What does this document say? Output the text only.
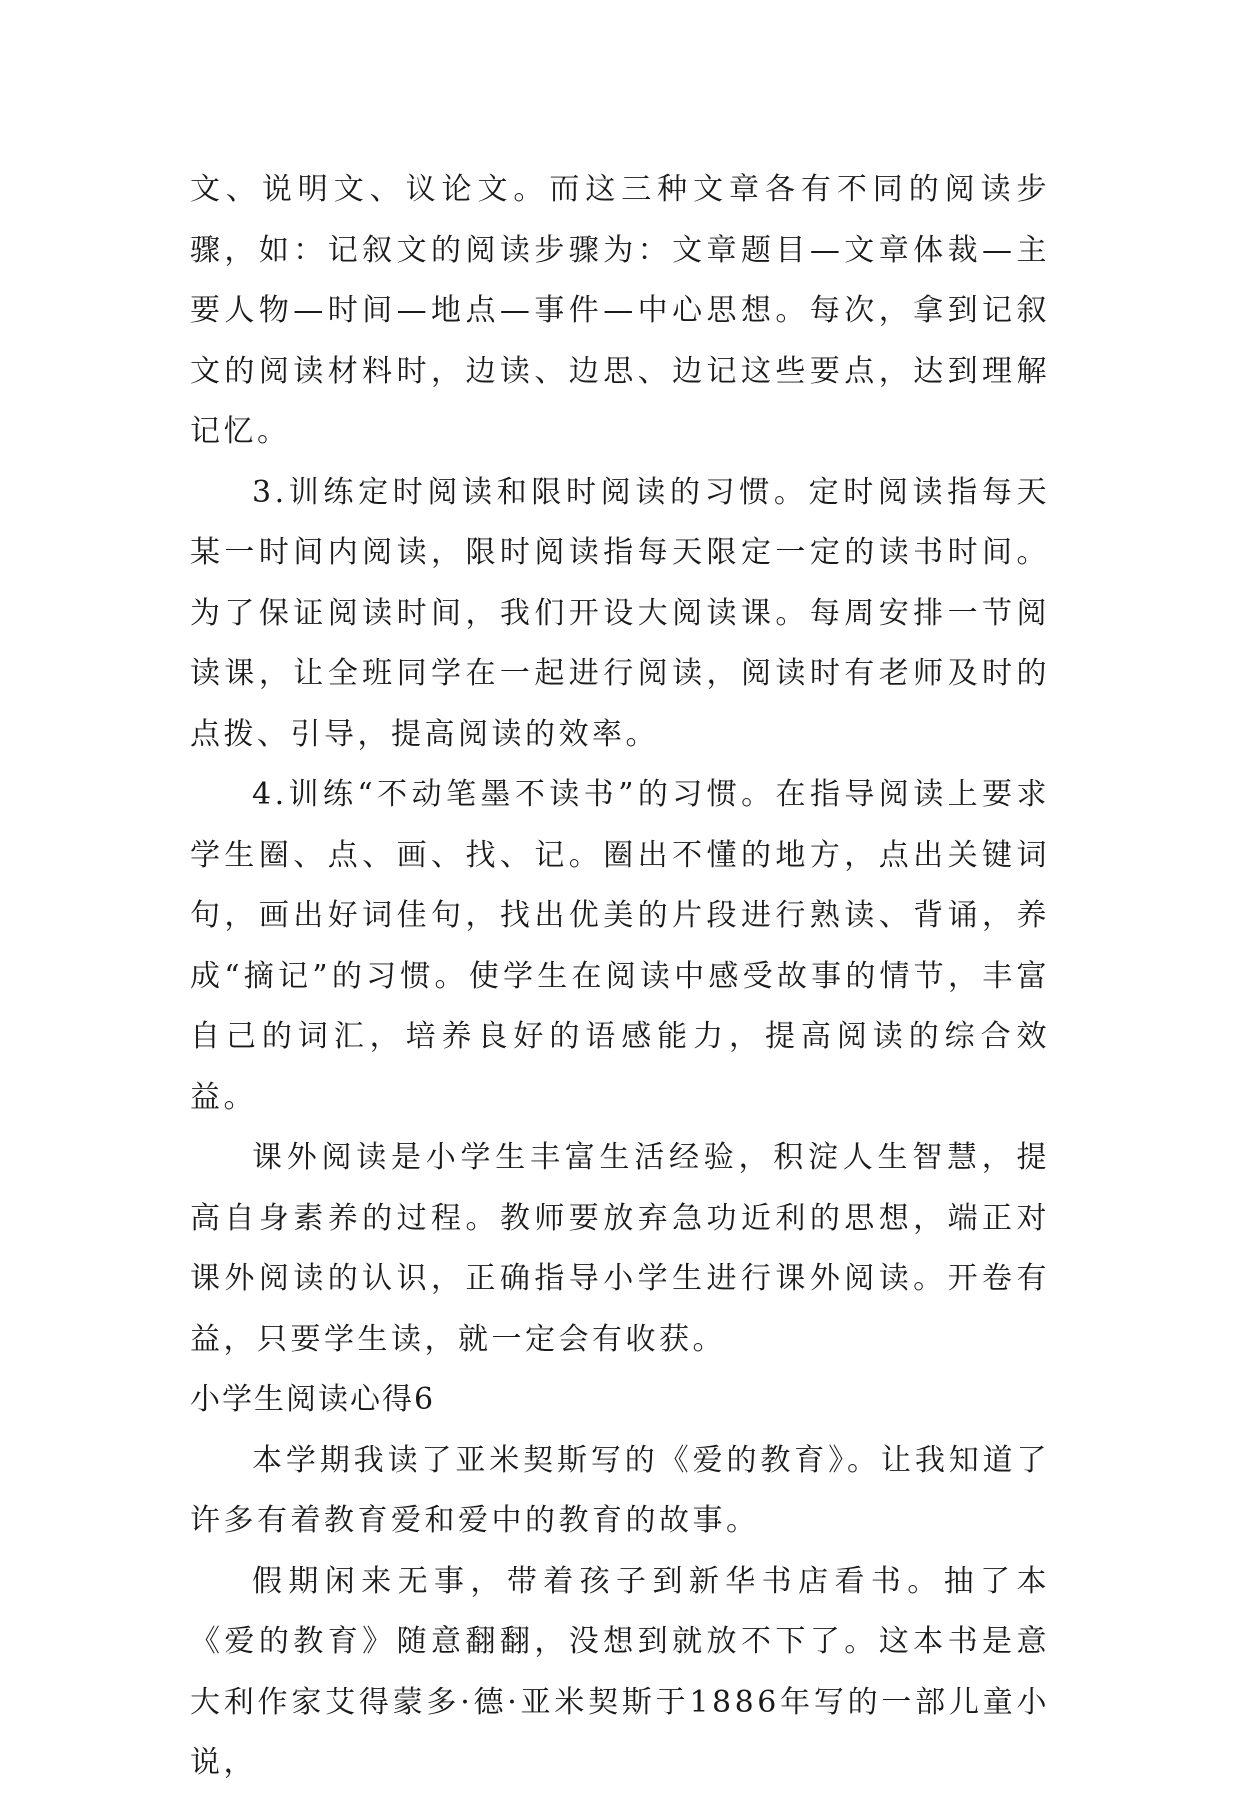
文、说明文、议论文。而这三种文章各有不同的阅读步骤，如：记叙文的阅读步骤为：文章题目—文章体裁—主要人物—时间—地点—事件—中心思想。每次，拿到记叙文的阅读材料时，边读、边思、边记这些要点，达到理解记忆。

3.训练定时阅读和限时阅读的习惯。定时阅读指每天某一时间内阅读，限时阅读指每天限定一定的读书时间。为了保证阅读时间，我们开设大阅读课。每周安排一节阅读课，让全班同学在一起进行阅读，阅读时有老师及时的点拨、引导，提高阅读的效率。

4.训练“不动笔墨不读书”的习惯。在指导阅读上要求学生圈、点、画、找、记。圈出不懂的地方，点出关键词句，画出好词佳句，找出优美的片段进行熟读、背诵，养成“摘记”的习惯。使学生在阅读中感受故事的情节，丰富自己的词汇，培养良好的语感能力，提高阅读的综合效益。

课外阅读是小学生丰富生活经验，积淀人生智慧，提高自身素养的过程。教师要放弃急功近利的思想，端正对课外阅读的认识，正确指导小学生进行课外阅读。开卷有益，只要学生读，就一定会有收获。

小学生阅读心得6

本学期我读了亚米契斯写的《爱的教育》。让我知道了许多有着教育爱和爱中的教育的故事。

假期闲来无事，带着孩子到新华书店看书。抽了本《爱的教育》随意翻翻，没想到就放不下了。这本书是意大利作家艾得蒙多·德·亚米契斯于1886年写的一部儿童小说，
